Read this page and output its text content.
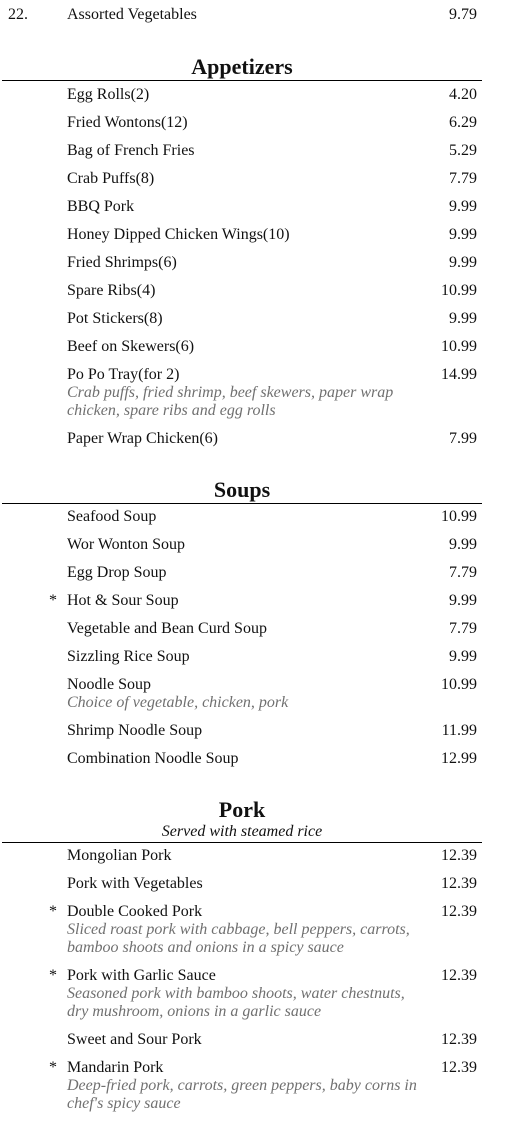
22. Assorted Vegetables	9.79
Appetizers
Egg Rolls(2)	4.20
Fried Wontons(12)	6.29
Bag of French Fries	5.29
Crab Puffs(8)	7.79
BBQ Pork	9.99
Honey Dipped Chicken Wings(10)	9.99
Fried Shrimps(6)	9.99
Spare Ribs(4)	10.99
Pot Stickers(8)	9.99
Beef on Skewers(6)	10.99
Po Po Tray(for 2)	14.99
Crab puffs, fried shrimp, beef skewers, paper wrap chicken, spare ribs and egg rolls
Paper Wrap Chicken(6)	7.99
Soups
Seafood Soup	10.99
Wor Wonton Soup	9.99
Egg Drop Soup	7.79
* Hot & Sour Soup	9.99
Vegetable and Bean Curd Soup	7.79
Sizzling Rice Soup	9.99
Noodle Soup	10.99
Choice of vegetable, chicken, pork
Shrimp Noodle Soup	11.99
Combination Noodle Soup	12.99
Pork
Served with steamed rice
Mongolian Pork	12.39
Pork with Vegetables	12.39
* Double Cooked Pork	12.39
Sliced roast pork with cabbage, bell peppers, carrots, bamboo shoots and onions in a spicy sauce
* Pork with Garlic Sauce	12.39
Seasoned pork with bamboo shoots, water chestnuts, dry mushroom, onions in a garlic sauce
Sweet and Sour Pork	12.39
* Mandarin Pork	12.39
Deep-fried pork, carrots, green peppers, baby corns in chef's spicy sauce
